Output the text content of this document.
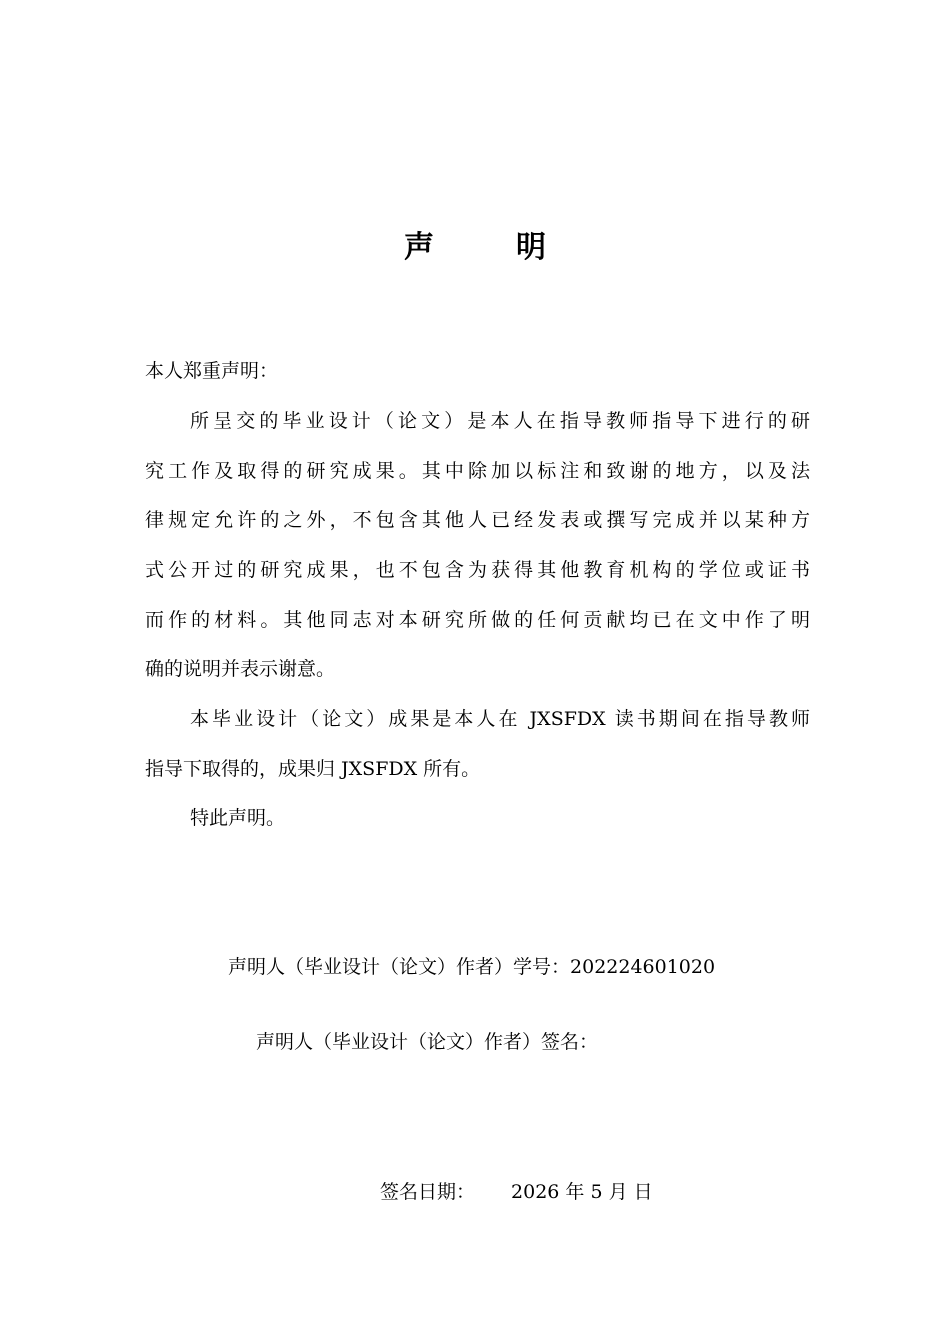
声	明
本人郑重声明：
所呈交的毕业设计（论文）是本人在指导教师指导下进行的研
究工作及取得的研究成果。其中除加以标注和致谢的地方，以及法
律规定允许的之外，不包含其他人已经发表或撰写完成并以某种方
式公开过的研究成果，也不包含为获得其他教育机构的学位或证书
而作的材料。其他同志对本研究所做的任何贡献均已在文中作了明
确的说明并表示谢意。
本毕业设计（论文）成果是本人在 JXSFDX 读书期间在指导教师
指导下取得的，成果归 JXSFDX 所有。
特此声明。
声明人（毕业设计（论文）作者）学号：202224601020
声明人（毕业设计（论文）作者）签名：
签名日期： 2026 年 5 月 日
